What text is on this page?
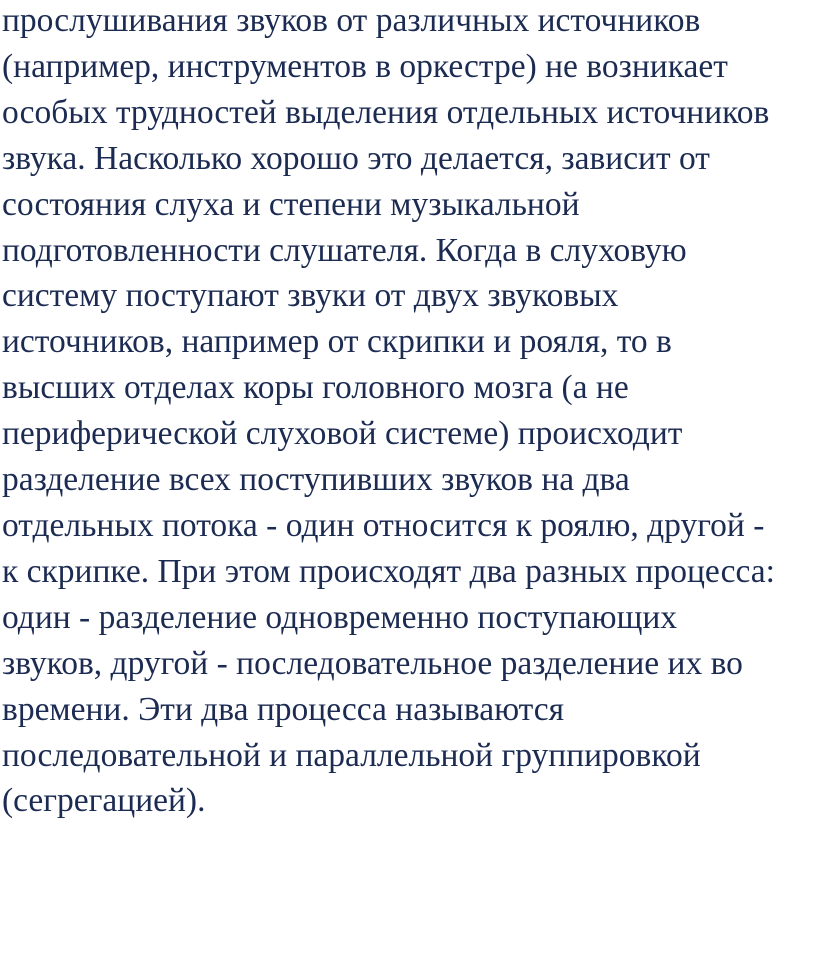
прослушивания звуков от различных источников
(например, инструментов в оркестре) не возникает
особых трудностей выделения отдельных источников
звука. Насколько хорошо это делается, зависит от
состояния слуха и степени музыкальной
подготовленности слушателя. Когда в слуховую
систему поступают звуки от двух звуковых
источников, например от скрипки и рояля, то в
высших отделах коры головного мозга (а не
периферической слуховой системе) происходит
разделение всех поступивших звуков на два
отдельных потока - один относится к роялю, другой -
к скрипке. При этом происходят два разных процесса:
один - разделение одновременно поступающих
звуков, другой - последовательное разделение их во
времени. Эти два процесса называются
последовательной и параллельной группировкой
(сегрегацией).
